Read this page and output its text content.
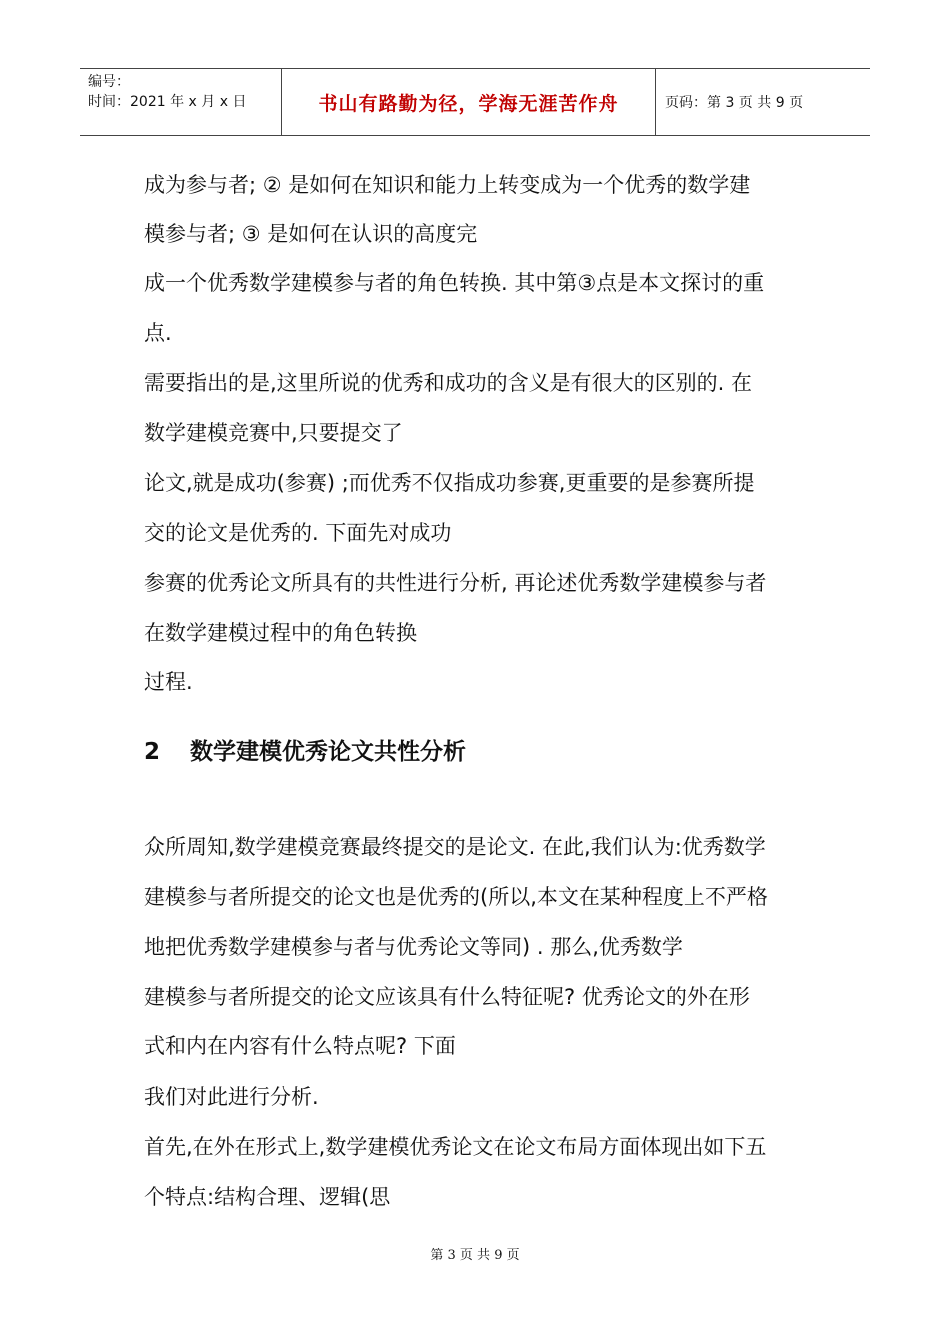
编号：
时间：2021 年 x 月 x 日	书山有路勤为径，学海无涯苦作舟	页码：第 3 页 共 9 页
成为参与者; ② 是如何在知识和能力上转变成为一个优秀的数学建
模参与者; ③ 是如何在认识的高度完
成一个优秀数学建模参与者的角色转换. 其中第③点是本文探讨的重
点.
需要指出的是,这里所说的优秀和成功的含义是有很大的区别的. 在
数学建模竞赛中,只要提交了
论文,就是成功(参赛) ;而优秀不仅指成功参赛,更重要的是参赛所提
交的论文是优秀的. 下面先对成功
参赛的优秀论文所具有的共性进行分析, 再论述优秀数学建模参与者
在数学建模过程中的角色转换
过程.
2 数学建模优秀论文共性分析
众所周知,数学建模竞赛最终提交的是论文. 在此,我们认为:优秀数学
建模参与者所提交的论文也是优秀的(所以,本文在某种程度上不严格
地把优秀数学建模参与者与优秀论文等同) . 那么,优秀数学
建模参与者所提交的论文应该具有什么特征呢? 优秀论文的外在形
式和内在内容有什么特点呢? 下面
我们对此进行分析.
首先,在外在形式上,数学建模优秀论文在论文布局方面体现出如下五
个特点:结构合理、逻辑(思
第 3 页 共 9 页
